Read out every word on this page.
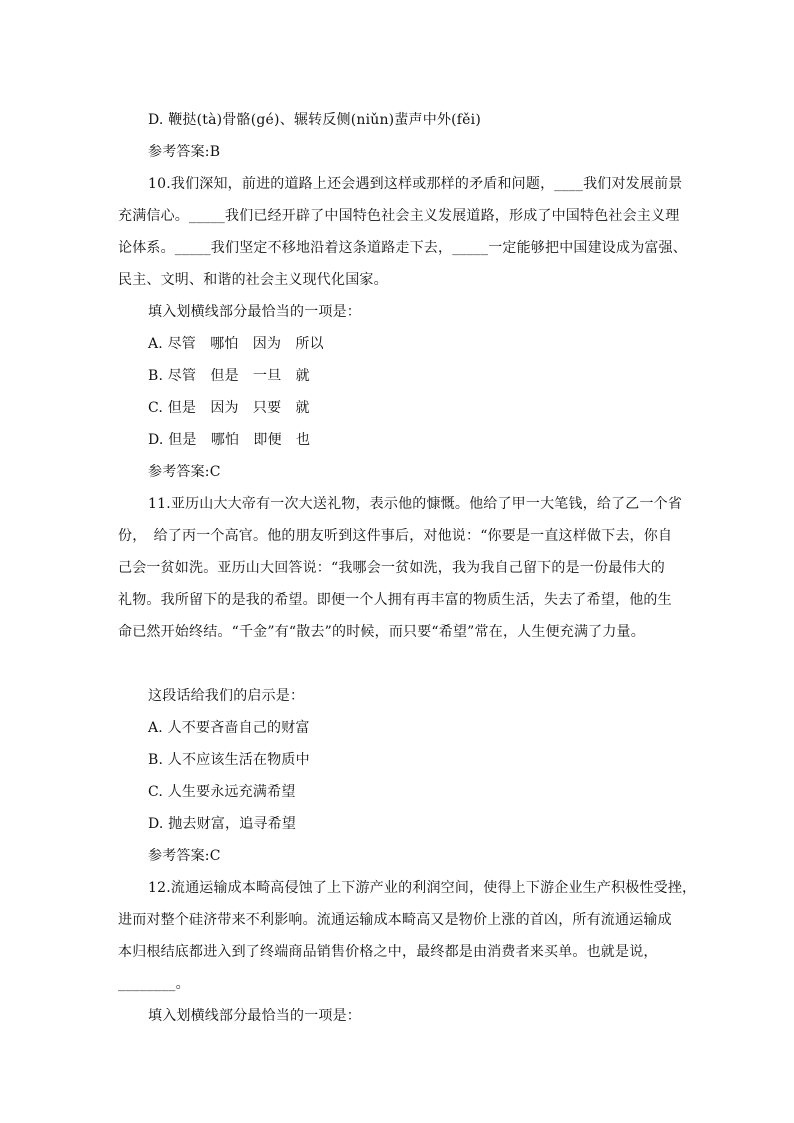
D. 鞭挞(tà)骨骼(gé)、辗转反侧(niǔn)蜚声中外(fěi)
参考答案:B
10.我们深知，前进的道路上还会遇到这样或那样的矛盾和问题，____我们对发展前景
充满信心。_____我们已经开辟了中国特色社会主义发展道路，形成了中国特色社会主义理
论体系。_____我们坚定不移地沿着这条道路走下去，_____一定能够把中国建设成为富强、
民主、文明、和谐的社会主义现代化国家。
填入划横线部分最恰当的一项是：
A. 尽管　哪怕　因为　所以
B. 尽管　但是　一旦　就
C. 但是　因为　只要　就
D. 但是　哪怕　即便　也
参考答案:C
11.亚历山大大帝有一次大送礼物，表示他的慷慨。他给了甲一大笔钱，给了乙一个省
份，　给了丙一个高官。他的朋友听到这件事后，对他说：“你要是一直这样做下去，你自
己会一贫如洗。亚历山大回答说：“我哪会一贫如洗，我为我自己留下的是一份最伟大的
礼物。我所留下的是我的希望。即便一个人拥有再丰富的物质生活，失去了希望，他的生
命已然开始终结。“千金”有“散去”的时候，而只要“希望”常在，人生便充满了力量。
这段话给我们的启示是：
A. 人不要吝啬自己的财富
B. 人不应该生活在物质中
C. 人生要永远充满希望
D. 抛去财富，追寻希望
参考答案:C
12.流通运输成本畸高侵蚀了上下游产业的利润空间，使得上下游企业生产积极性受挫，
进而对整个硅济带来不利影响。流通运输成本畸高又是物价上涨的首凶，所有流通运输成
本归根结底都进入到了终端商品销售价格之中，最终都是由消费者来买单。也就是说，
________。
填入划横线部分最恰当的一项是：
